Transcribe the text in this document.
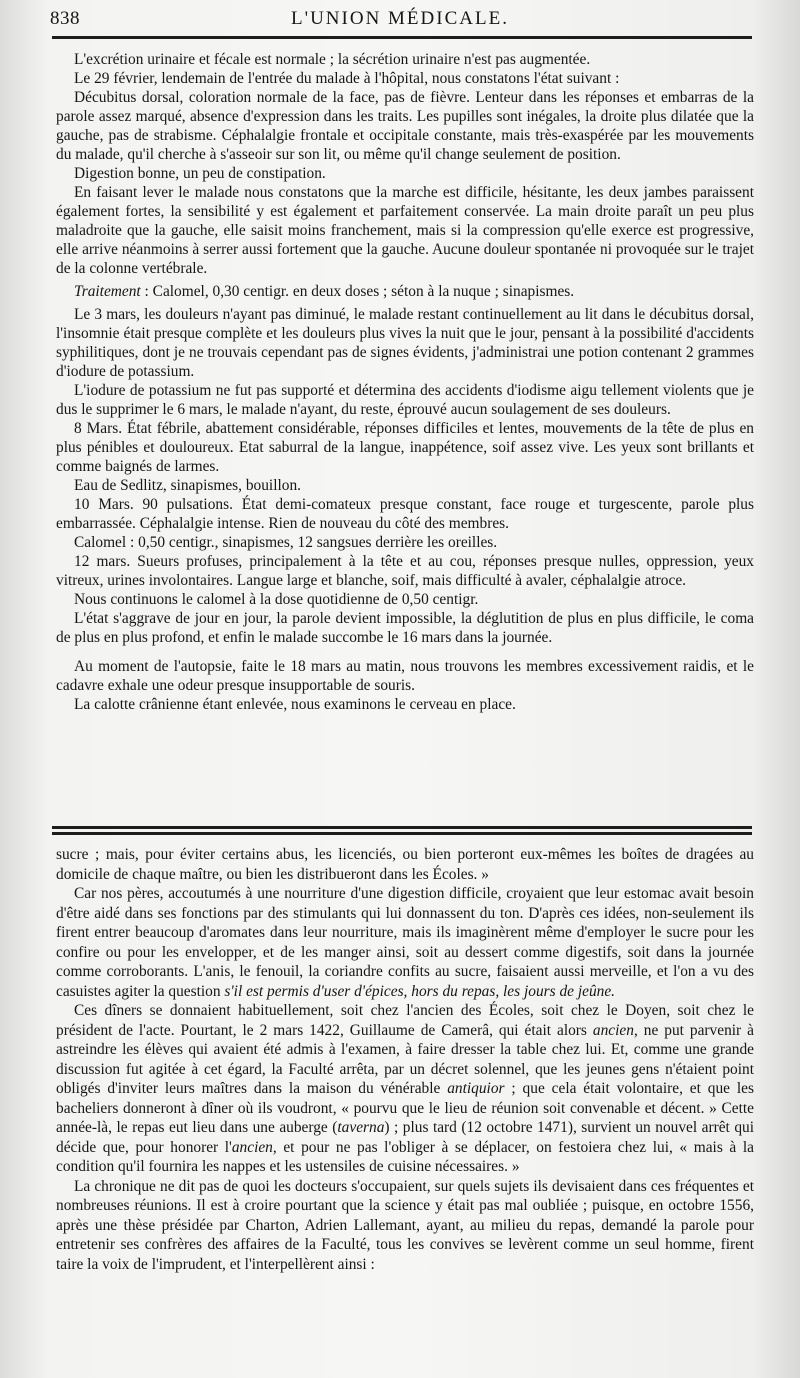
838	L'UNION MÉDICALE.

L'excrétion urinaire et fécale est normale ; la sécrétion urinaire n'est pas augmentée.

Le 29 février, lendemain de l'entrée du malade à l'hôpital, nous constatons l'état suivant :

Décubitus dorsal, coloration normale de la face, pas de fièvre. Lenteur dans les réponses et embarras de la parole assez marqué, absence d'expression dans les traits. Les pupilles sont inégales, la droite plus dilatée que la gauche, pas de strabisme. Céphalalgie frontale et occipitale constante, mais très-exaspérée par les mouvements du malade, qu'il cherche à s'asseoir sur son lit, ou même qu'il change seulement de position.

Digestion bonne, un peu de constipation.

En faisant lever le malade nous constatons que la marche est difficile, hésitante, les deux jambes paraissent également fortes, la sensibilité y est également et parfaitement conservée. La main droite paraît un peu plus maladroite que la gauche, elle saisit moins franchement, mais si la compression qu'elle exerce est progressive, elle arrive néanmoins à serrer aussi fortement que la gauche. Aucune douleur spontanée ni provoquée sur le trajet de la colonne vertébrale.

Traitement : Calomel, 0,30 centigr. en deux doses ; séton à la nuque ; sinapismes.

Le 3 mars, les douleurs n'ayant pas diminué, le malade restant continuellement au lit dans le décubitus dorsal, l'insomnie était presque complète et les douleurs plus vives la nuit que le jour, pensant à la possibilité d'accidents syphilitiques, dont je ne trouvais cependant pas de signes évidents, j'administrai une potion contenant 2 grammes d'iodure de potassium.

L'iodure de potassium ne fut pas supporté et détermina des accidents d'iodisme aigu tellement violents que je dus le supprimer le 6 mars, le malade n'ayant, du reste, éprouvé aucun soulagement de ses douleurs.

8 Mars. État fébrile, abattement considérable, réponses difficiles et lentes, mouvements de la tête de plus en plus pénibles et douloureux. Etat saburral de la langue, inappétence, soif assez vive. Les yeux sont brillants et comme baignés de larmes.

Eau de Sedlitz, sinapismes, bouillon.

10 Mars. 90 pulsations. État demi-comateux presque constant, face rouge et turgescente, parole plus embarrassée. Céphalalgie intense. Rien de nouveau du côté des membres.

Calomel : 0,50 centigr., sinapismes, 12 sangsues derrière les oreilles.

12 mars. Sueurs profuses, principalement à la tête et au cou, réponses presque nulles, oppression, yeux vitreux, urines involontaires. Langue large et blanche, soif, mais difficulté à avaler, céphalalgie atroce.

Nous continuons le calomel à la dose quotidienne de 0,50 centigr.

L'état s'aggrave de jour en jour, la parole devient impossible, la déglutition de plus en plus difficile, le coma de plus en plus profond, et enfin le malade succombe le 16 mars dans la journée.

Au moment de l'autopsie, faite le 18 mars au matin, nous trouvons les membres excessivement raidis, et le cadavre exhale une odeur presque insupportable de souris.

La calotte crânienne étant enlevée, nous examinons le cerveau en place.

sucre ; mais, pour éviter certains abus, les licenciés, ou bien porteront eux-mêmes les boîtes de dragées au domicile de chaque maître, ou bien les distribueront dans les Écoles. »

Car nos pères, accoutumés à une nourriture d'une digestion difficile, croyaient que leur estomac avait besoin d'être aidé dans ses fonctions par des stimulants qui lui donnassent du ton. D'après ces idées, non-seulement ils firent entrer beaucoup d'aromates dans leur nourriture, mais ils imaginèrent même d'employer le sucre pour les confire ou pour les envelopper, et de les manger ainsi, soit au dessert comme digestifs, soit dans la journée comme corroborants. L'anis, le fenouil, la coriandre confits au sucre, faisaient aussi merveille, et l'on a vu des casuistes agiter la question s'il est permis d'user d'épices, hors du repas, les jours de jeûne.

Ces dîners se donnaient habituellement, soit chez l'ancien des Écoles, soit chez le Doyen, soit chez le président de l'acte. Pourtant, le 2 mars 1422, Guillaume de Camerâ, qui était alors ancien, ne put parvenir à astreindre les élèves qui avaient été admis à l'examen, à faire dresser la table chez lui. Et, comme une grande discussion fut agitée à cet égard, la Faculté arrêta, par un décret solennel, que les jeunes gens n'étaient point obligés d'inviter leurs maîtres dans la maison du vénérable antiquior ; que cela était volontaire, et que les bacheliers donneront à dîner où ils voudront, « pourvu que le lieu de réunion soit convenable et décent. » Cette année-là, le repas eut lieu dans une auberge (taverna) ; plus tard (12 octobre 1471), survient un nouvel arrêt qui décide que, pour honorer l'ancien, et pour ne pas l'obliger à se déplacer, on festoiera chez lui, « mais à la condition qu'il fournira les nappes et les ustensiles de cuisine nécessaires. »

La chronique ne dit pas de quoi les docteurs s'occupaient, sur quels sujets ils devisaient dans ces fréquentes et nombreuses réunions. Il est à croire pourtant que la science y était pas mal oubliée ; puisque, en octobre 1556, après une thèse présidée par Charton, Adrien Lallemant, ayant, au milieu du repas, demandé la parole pour entretenir ses confrères des affaires de la Faculté, tous les convives se levèrent comme un seul homme, firent taire la voix de l'imprudent, et l'interpellèrent ainsi :
